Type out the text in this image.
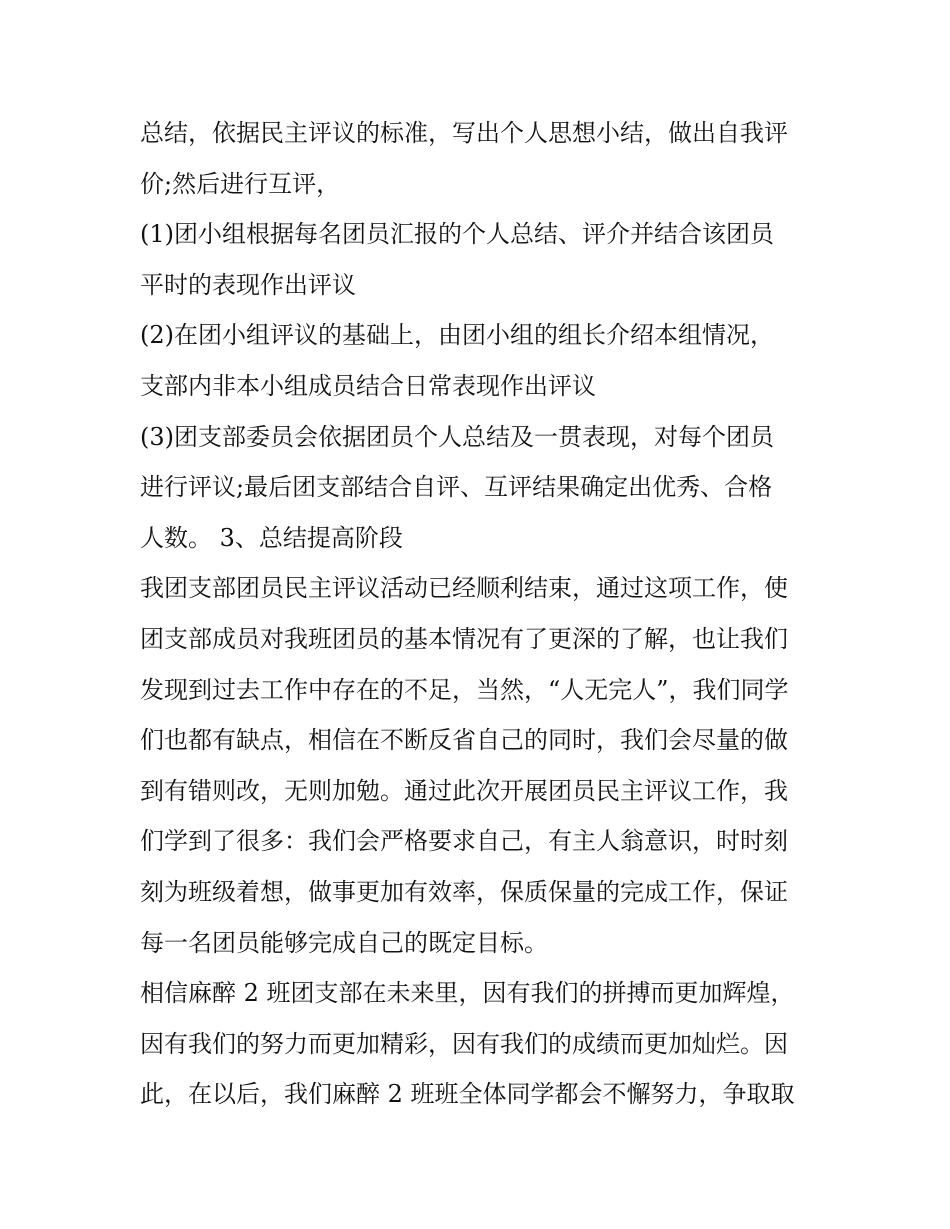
总结，依据民主评议的标准，写出个人思想小结，做出自我评
价;然后进行互评，
(1)团小组根据每名团员汇报的个人总结、评介并结合该团员
平时的表现作出评议
(2)在团小组评议的基础上，由团小组的组长介绍本组情况，
支部内非本小组成员结合日常表现作出评议
(3)团支部委员会依据团员个人总结及一贯表现，对每个团员
进行评议;最后团支部结合自评、互评结果确定出优秀、合格
人数。 3、总结提高阶段
我团支部团员民主评议活动已经顺利结束，通过这项工作，使
团支部成员对我班团员的基本情况有了更深的了解，也让我们
发现到过去工作中存在的不足，当然，“人无完人”，我们同学
们也都有缺点，相信在不断反省自己的同时，我们会尽量的做
到有错则改，无则加勉。通过此次开展团员民主评议工作，我
们学到了很多：我们会严格要求自己，有主人翁意识，时时刻
刻为班级着想，做事更加有效率，保质保量的完成工作，保证
每一名团员能够完成自己的既定目标。
相信麻醉 2 班团支部在未来里，因有我们的拼搏而更加辉煌，
因有我们的努力而更加精彩，因有我们的成绩而更加灿烂。因
此，在以后，我们麻醉 2 班班全体同学都会不懈努力，争取取
